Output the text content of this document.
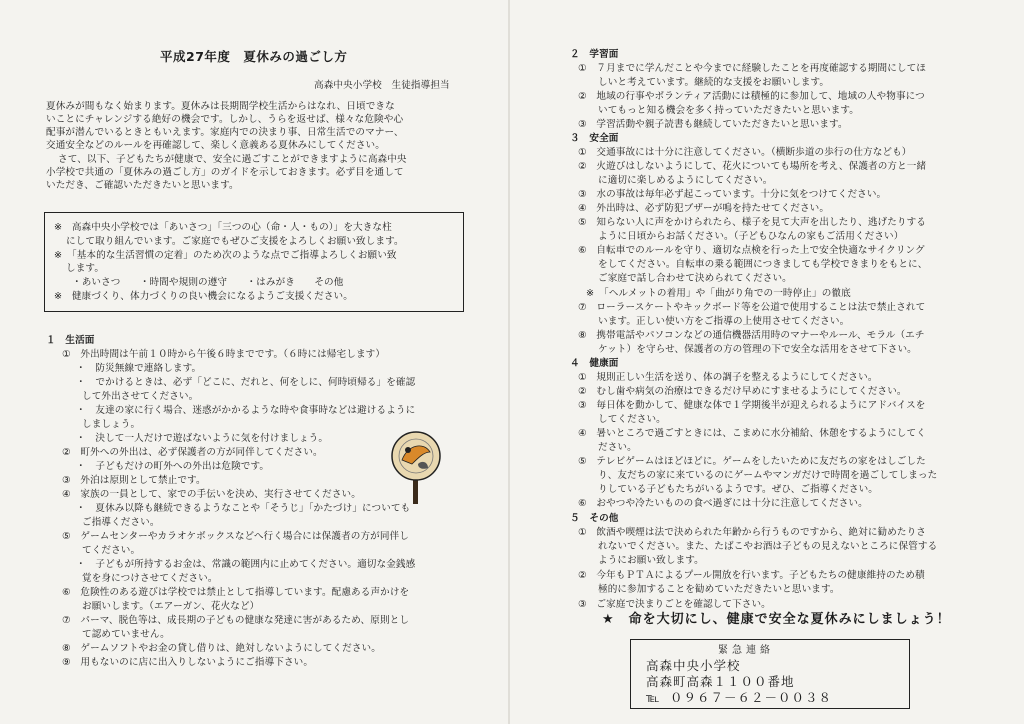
平成27年度　夏休みの過ごし方
高森中央小学校　生徒指導担当
夏休みが間もなく始まります。夏休みは長期間学校生活からはなれ、日頃できな
いことにチャレンジする絶好の機会です。しかし、うらを返せば、様々な危険や心
配事が潜んでいるときともいえます。家庭内での決まり事、日常生活でのマナー、
交通安全などのルールを再確認して、楽しく意義ある夏休みにしてください。
さて、以下、子どもたちが健康で、安全に過ごすことができますように高森中央
小学校で共通の「夏休みの過ごし方」のガイドを示しておきます。必ず目を通して
いただき、ご確認いただきたいと思います。
※　高森中央小学校では「あいさつ」「三つの心（命・人・もの）」を大きな柱
にして取り組んでいます。ご家庭でもぜひご支援をよろしくお願い致します。
※　「基本的な生活習慣の定着」のため次のような点でご指導よろしくお願い致
します。
・あいさつ　　・時間や規則の遵守　　・はみがき　　その他
※　健康づくり、体力づくりの良い機会になるようご支援ください。
１　生活面
①　外出時間は午前１０時から午後６時までです。（６時には帰宅します）
・　防災無線で連絡します。
・　でかけるときは、必ず「どこに、だれと、何をしに、何時頃帰る」を確認
して外出させてください。
・　友達の家に行く場合、迷惑がかかるような時や食事時などは避けるように
しましょう。
・　決して一人だけで遊ばないように気を付けましょう。
②　町外への外出は、必ず保護者の方が同伴してください。
・　子どもだけの町外への外出は危険です。
③　外泊は原則として禁止です。
④　家族の一員として、家での手伝いを決め、実行させてください。
・　夏休み以降も継続できるようなことや「そうじ」「かたづけ」についても
ご指導ください。
⑤　ゲームセンターやカラオケボックスなどへ行く場合には保護者の方が同伴し
てください。
・　子どもが所持するお金は、常識の範囲内に止めてください。適切な金銭感
覚を身につけさせてください。
⑥　危険性のある遊びは学校では禁止として指導しています。配慮ある声かけを
お願いします。（エアーガン、花火など）
⑦　パーマ、脱色等は、成長期の子どもの健康な発達に害があるため、原則とし
て認めていません。
⑧　ゲームソフトやお金の貸し借りは、絶対しないようにしてください。
⑨　用もないのに店に出入りしないようにご指導下さい。
２　学習面
①　７月までに学んだことや今までに経験したことを再度確認する期間にしてほ
しいと考えています。継続的な支援をお願いします。
②　地域の行事やボランティア活動には積極的に参加して、地域の人や物事につ
いてもっと知る機会を多く持っていただきたいと思います。
③　学習活動や親子読書も継続していただきたいと思います。
３　安全面
①　交通事故には十分に注意してください。（横断歩道の歩行の仕方なども）
②　火遊びはしないようにして、花火についても場所を考え、保護者の方と一緒
に適切に楽しめるようにしてください。
③　水の事故は毎年必ず起こっています。十分に気をつけてください。
④　外出時は、必ず防犯ブザーが鳴を持たせてください。
⑤　知らない人に声をかけられたら、様子を見て大声を出したり、逃げたりする
ように日頃からお話ください。（子どもひなんの家もご活用ください）
⑥　自転車でのルールを守り、適切な点検を行った上で安全快適なサイクリング
をしてください。自転車の乗る範囲につきましても学校できまりをもとに、
ご家庭で話し合わせて決められてください。
※　「ヘルメットの着用」や「曲がり角での一時停止」の徹底
⑦　ローラースケートやキックボード等を公道で使用することは法で禁止されて
います。正しい使い方をご指導の上使用させてください。
⑧　携帯電話やパソコンなどの通信機器活用時のマナーやルール、モラル（エチ
ケット）を守らせ、保護者の方の管理の下で安全な活用をさせて下さい。
４　健康面
①　規則正しい生活を送り、体の調子を整えるようにしてください。
②　むし歯や病気の治療はできるだけ早めにすませるようにしてください。
③　毎日体を動かして、健康な体で１学期後半が迎えられるようにアドバイスを
してください。
④　暑いところで過ごすときには、こまめに水分補給、休憩をするようにしてく
ださい。
⑤　テレビゲームはほどほどに。ゲームをしたいために友だちの家をはしごした
り、友だちの家に来ているのにゲームやマンガだけで時間を過ごしてしまった
りしている子どもたちがいるようです。ぜひ、ご指導ください。
⑥　おやつや冷たいものの食べ過ぎには十分に注意してください。
５　その他
①　飲酒や喫煙は法で決められた年齢から行うものですから、絶対に勧めたりさ
れないでください。また、たばこやお酒は子どもの見えないところに保管する
ようにお願い致します。
②　今年もＰＴＡによるプール開放を行います。子どもたちの健康維持のため積
極的に参加することを勧めていただきたいと思います。
③　ご家庭で決まりごとを確認して下さい。
★　命を大切にし、健康で安全な夏休みにしましょう！
緊急連絡
高森中央小学校
高森町高森１１００番地
℡ ０９６７－６２－００３８
